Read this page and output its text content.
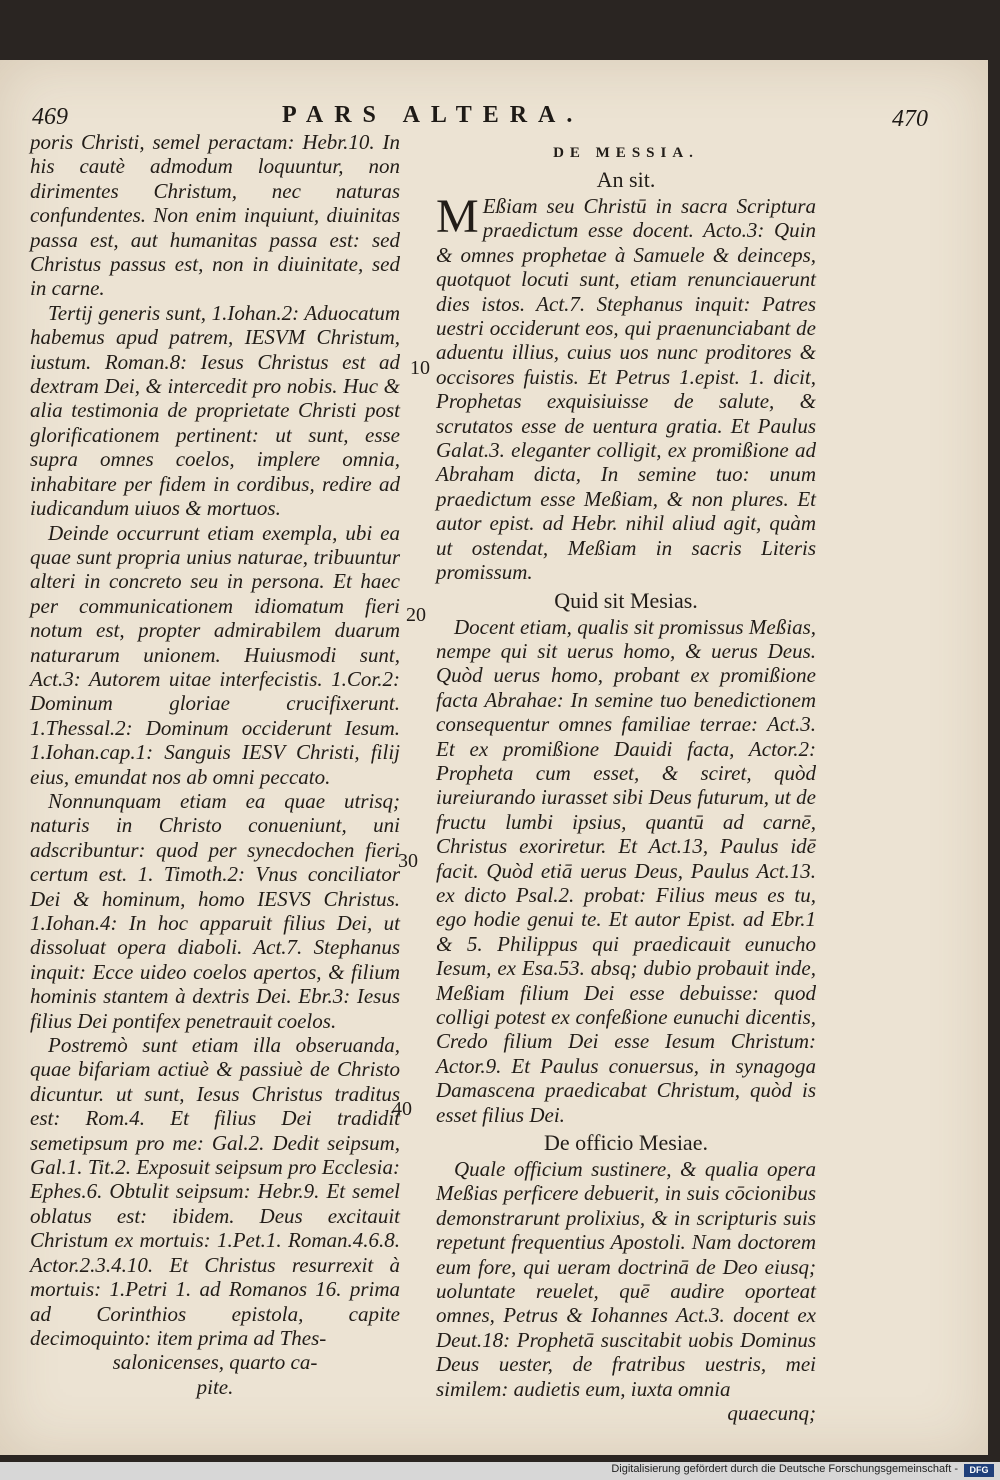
469	PARS ALTERA.	470

poris Christi, semel peractam: Hebr.10. In his cautè admodum loquuntur, non dirimentes Christum, nec naturas confundentes. Non enim inquiunt, diuinitas passa est, aut humanitas passa est: sed Christus passus est, non in diuinitate, sed in carne.

Tertij generis sunt, 1.Iohan.2: Aduocatum habemus apud patrem, IESVM Christum, iustum. Roman.8: Iesus Christus est ad dextram Dei, & intercedit pro nobis. Huc & alia testimonia de proprietate Christi post glorificationem pertinent: ut sunt, esse supra omnes coelos, implere omnia, inhabitare per fidem in cordibus, redire ad iudicandum uiuos & mortuos.

Deinde occurrunt etiam exempla, ubi ea quae sunt propria unius naturae, tribuuntur alteri in concreto seu in persona. Et haec per communicationem idiomatum fieri notum est, propter admirabilem duarum naturarum unionem. Huiusmodi sunt, Act.3: Autorem uitae interfecistis. 1.Cor.2: Dominum gloriae crucifixerunt. 1.Thessal.2: Dominum occiderunt Iesum. 1.Iohan.cap.1: Sanguis IESV Christi, filij eius, emundat nos ab omni peccato.

Nonnunquam etiam ea quae utrisq; naturis in Christo conueniunt, uni adscribuntur: quod per synecdochen fieri certum est. 1. Timoth.2: Vnus conciliator Dei & hominum, homo IESVS Christus. 1.Iohan.4: In hoc apparuit filius Dei, ut dissoluat opera diaboli. Act.7. Stephanus inquit: Ecce uideo coelos apertos, & filium hominis stantem à dextris Dei. Ebr.3: Iesus filius Dei pontifex penetrauit coelos.

Postremò sunt etiam illa obseruanda, quae bifariam actiuè & passiuè de Christo dicuntur. ut sunt, Iesus Christus traditus est: Rom.4. Et filius Dei tradidit semetipsum pro me: Gal.2. Dedit seipsum, Gal.1. Tit.2. Exposuit seipsum pro Ecclesia: Ephes.6. Obtulit seipsum: Hebr.9. Et semel oblatus est: ibidem. Deus excitauit Christum ex mortuis: 1.Pet.1. Roman.4.6.8. Actor.2.3.4.10. Et Christus resurrexit à mortuis: 1.Petri 1. ad Romanos 16. prima ad Corinthios epistola, capite decimoquinto: item prima ad Thes-

salonicenses, quarto ca-

pite.

DE MESSIA.
An sit.

M Eßiam seu Christū in sacra Scriptura praedictum esse docent. Acto.3: Quin & omnes prophetae à Samuele & deinceps, quotquot locuti sunt, etiam renunciauerunt dies istos. Act.7. Stephanus inquit: Patres uestri occiderunt eos, qui praenunciabant de aduentu illius, cuius uos nunc proditores & occisores fuistis. Et Petrus 1.epist. 1. dicit, Prophetas exquisiuisse de salute, & scrutatos esse de uentura gratia. Et Paulus Galat.3. eleganter colligit, ex promißione ad Abraham dicta, In semine tuo: unum praedictum esse Meßiam, & non plures. Et autor epist. ad Hebr. nihil aliud agit, quàm ut ostendat, Meßiam in sacris Literis promissum.

Quid sit Mesias.

Docent etiam, qualis sit promissus Meßias, nempe qui sit uerus homo, & uerus Deus. Quòd uerus homo, probant ex promißione facta Abrahae: In semine tuo benedictionem consequentur omnes familiae terrae: Act.3. Et ex promißione Dauidi facta, Actor.2: Propheta cum esset, & sciret, quòd iureiurando iurasset sibi Deus futurum, ut de fructu lumbi ipsius, quantū ad carnē, Christus exoriretur. Et Act.13, Paulus idē facit. Quòd etiā uerus Deus, Paulus Act.13. ex dicto Psal.2. probat: Filius meus es tu, ego hodie genui te. Et autor Epist. ad Ebr.1 & 5. Philippus qui praedicauit eunucho Iesum, ex Esa.53. absq; dubio probauit inde, Meßiam filium Dei esse debuisse: quod colligi potest ex confeßione eunuchi dicentis, Credo filium Dei esse Iesum Christum: Actor.9. Et Paulus conuersus, in synagoga Damascena praedicabat Christum, quòd is esset filius Dei.

De officio Mesiae.

Quale officium sustinere, & qualia opera Meßias perficere debuerit, in suis cōcionibus demonstrarunt prolixius, & in scripturis suis repetunt frequentius Apostoli. Nam doctorem eum fore, qui ueram doctrinā de Deo eiusq; uoluntate reuelet, quē audire oporteat omnes, Petrus & Iohannes Act.3. docent ex Deut.18: Prophetā suscitabit uobis Dominus Deus uester, de fratribus uestris, mei similem: audietis eum, iuxta omnia

quaecunq;

10
20
30
40
Digitalisierung gefördert durch die Deutsche Forschungsgemeinschaft -	DFG
